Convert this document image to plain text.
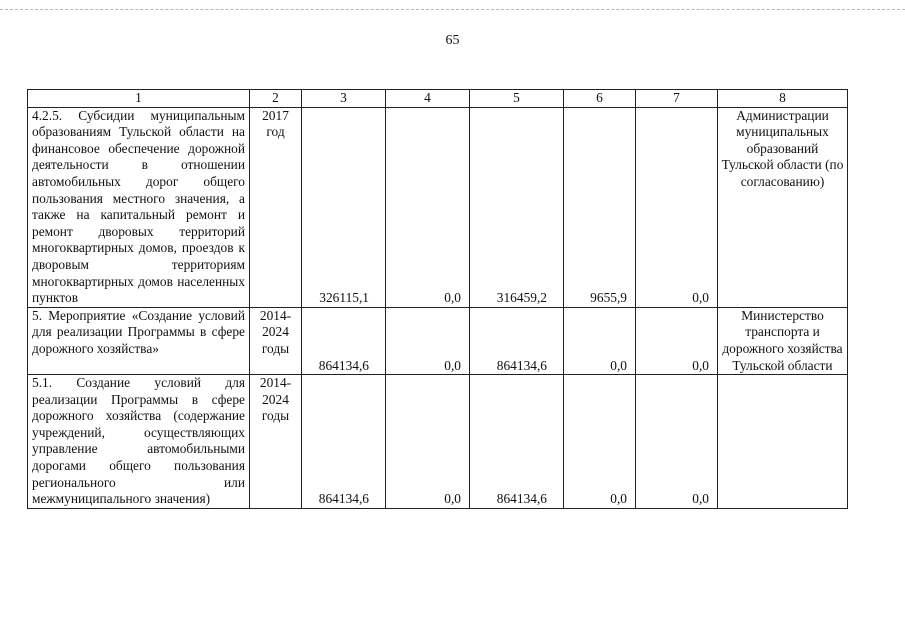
65
1	2	3	4	5	6	7	8
4.2.5. Субсидии муниципальным образованиям Тульской области на финансовое обеспечение дорожной деятельности в отношении автомобильных дорог общего пользования местного значения, а также на капитальный ремонт и ремонт дворовых территорий многоквартирных домов, проездов к дворовым территориям многоквартирных домов населенных пунктов	2017 год	326115,1	0,0	316459,2	9655,9	0,0	Администрации муниципальных образований Тульской области (по согласованию)
5. Мероприятие «Создание условий для реализации Программы в сфере дорожного хозяйства»	2014-2024 годы	864134,6	0,0	864134,6	0,0	0,0	Министерство транспорта и дорожного хозяйства Тульской области
5.1. Создание условий для реализации Программы в сфере дорожного хозяйства (содержание учреждений, осуществляющих управление автомобильными дорогами общего пользования регионального или межмуниципального значения)	2014-2024 годы	864134,6	0,0	864134,6	0,0	0,0	
